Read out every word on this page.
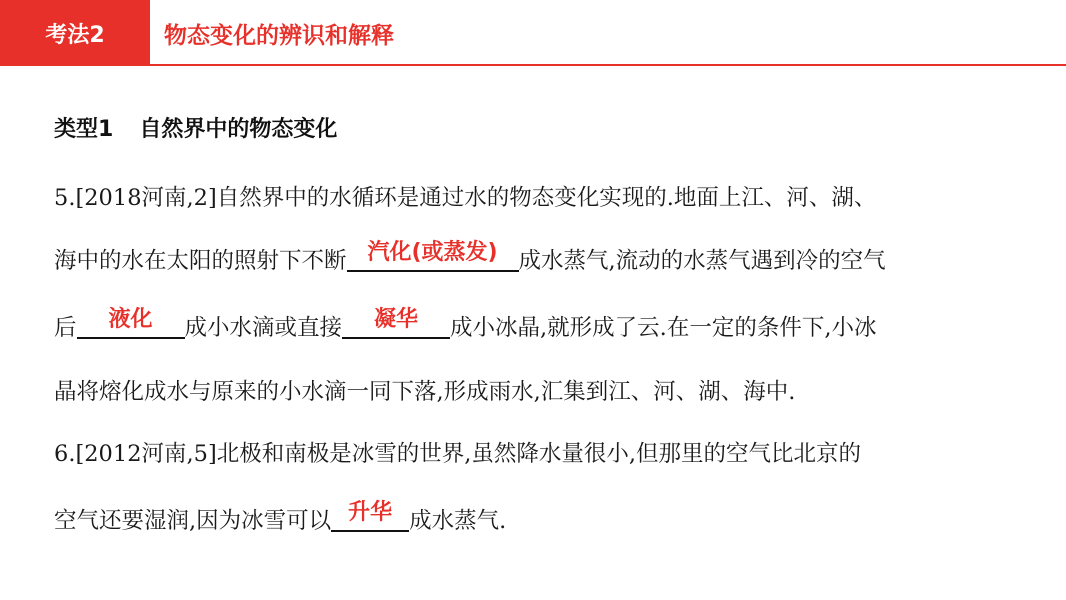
考法2	物态变化的辨识和解释
类型1 自然界中的物态变化
5.[2018河南,2]自然界中的水循环是通过水的物态变化实现的.地面上江、河、湖、
海中的水在太阳的照射下不断 汽化(或蒸发) 成水蒸气,流动的水蒸气遇到冷的空气
后	液化	成小水滴或直接	凝华	成小冰晶,就形成了云.在一定的条件下,小冰
晶将熔化成水与原来的小水滴一同下落,形成雨水,汇集到江、河、湖、海中.
6.[2012河南,5]北极和南极是冰雪的世界,虽然降水量很小,但那里的空气比北京的
空气还要湿润,因为冰雪可以 升华 成水蒸气.
